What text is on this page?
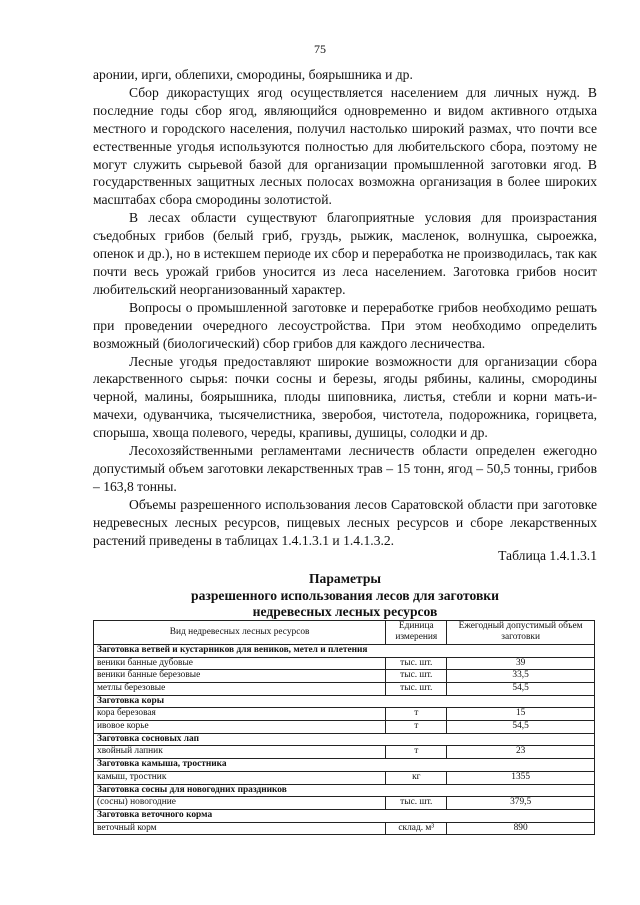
75

аронии, ирги, облепихи, смородины, боярышника и др.

Сбор дикорастущих ягод осуществляется населением для личных нужд. В последние годы сбор ягод, являющийся одновременно и видом активного отдыха местного и городского населения, получил настолько широкий размах, что почти все естественные угодья используются полностью для любительского сбора, поэтому не могут служить сырьевой базой для организации промышленной заготовки ягод. В государственных защитных лесных полосах возможна организация в более широких масштабах сбора смородины золотистой.

В лесах области существуют благоприятные условия для произрастания съедобных грибов (белый гриб, груздь, рыжик, масленок, волнушка, сыроежка, опенок и др.), но в истекшем периоде их сбор и переработка не производилась, так как почти весь урожай грибов уносится из леса населением. Заготовка грибов носит любительский неорганизованный характер.

Вопросы о промышленной заготовке и переработке грибов необходимо решать при проведении очередного лесоустройства. При этом необходимо определить возможный (биологический) сбор грибов для каждого лесничества.

Лесные угодья предоставляют широкие возможности для организации сбора лекарственного сырья: почки сосны и березы, ягоды рябины, калины, смородины черной, малины, боярышника, плоды шиповника, листья, стебли и корни мать-и-мачехи, одуванчика, тысячелистника, зверобоя, чистотела, подорожника, горицвета, спорыша, хвоща полевого, череды, крапивы, душицы, солодки и др.

Лесохозяйственными регламентами лесничеств области определен ежегодно допустимый объем заготовки лекарственных трав – 15 тонн, ягод – 50,5 тонны, грибов – 163,8 тонны.

Объемы разрешенного использования лесов Саратовской области при заготовке недревесных лесных ресурсов, пищевых лесных ресурсов и сборе лекарственных растений приведены в таблицах 1.4.1.3.1 и 1.4.1.3.2.

Таблица 1.4.1.3.1
Параметры
разрешенного использования лесов для заготовки
недревесных лесных ресурсов
Вид недревесных лесных ресурсов	Единица измерения	Ежегодный допустимый объем заготовки
Заготовка ветвей и кустарников для веников, метел и плетения		
веники банные дубовые	тыс. шт.	39
веники банные березовые	тыс. шт.	33,5
метлы березовые	тыс. шт.	54,5
Заготовка коры		
кора березовая	т	15
ивовое корье	т	54,5
Заготовка сосновых лап		
хвойный лапник	т	23
Заготовка камыша, тростника		
камыш, тростник	кг	1355
Заготовка сосны для новогодних праздников		
(сосны) новогодние	тыс. шт.	379,5
Заготовка веточного корма		
веточный корм	склад. м³	890
